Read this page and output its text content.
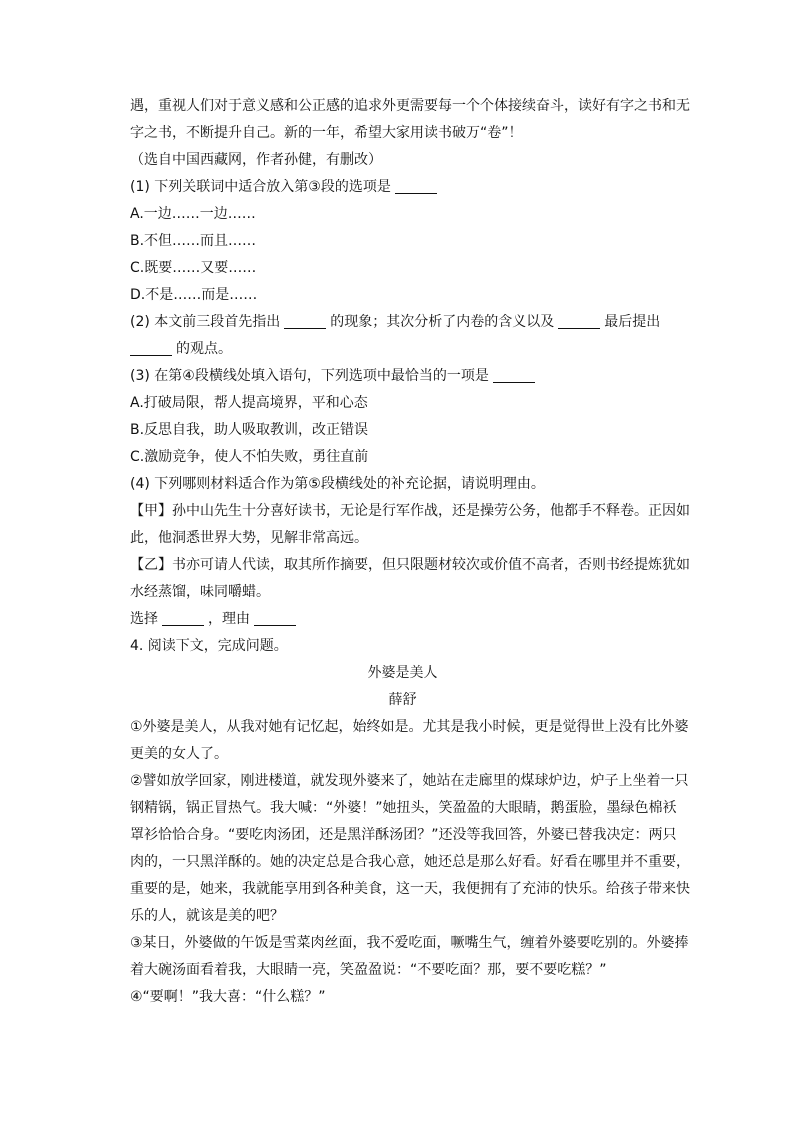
遇，重视人们对于意义感和公正感的追求外更需要每一个个体接续奋斗，读好有字之书和无
字之书，不断提升自己。新的一年，希望大家用读书破万“卷”！
（选自中国西藏网，作者孙健，有删改）
(1) 下列关联词中适合放入第③段的选项是
A.一边……一边……
B.不但……而且……
C.既要……又要……
D.不是……而是……
(2) 本文前三段首先指出	的现象；其次分析了内卷的含义以及	最后提出
的观点。
(3) 在第④段横线处填入语句，下列选项中最恰当的一项是
A.打破局限，帮人提高境界，平和心态
B.反思自我，助人吸取教训，改正错误
C.激励竞争，使人不怕失败，勇往直前
(4) 下列哪则材料适合作为第⑤段横线处的补充论据，请说明理由。
【甲】孙中山先生十分喜好读书，无论是行军作战，还是操劳公务，他都手不释卷。正因如
此，他洞悉世界大势，见解非常高远。
【乙】书亦可请人代读，取其所作摘要，但只限题材较次或价值不高者，否则书经提炼犹如
水经蒸馏，味同嚼蜡。
选择	，理由
4. 阅读下文，完成问题。
外婆是美人
薛舒
①外婆是美人，从我对她有记忆起，始终如是。尤其是我小时候，更是觉得世上没有比外婆
更美的女人了。
②譬如放学回家，刚进楼道，就发现外婆来了，她站在走廊里的煤球炉边，炉子上坐着一只
钢精锅，锅正冒热气。我大喊：“外婆！”她扭头，笑盈盈的大眼睛，鹅蛋脸，墨绿色棉袄
罩衫恰恰合身。“要吃肉汤团，还是黑洋酥汤团？”还没等我回答，外婆已替我决定：两只
肉的，一只黑洋酥的。她的决定总是合我心意，她还总是那么好看。好看在哪里并不重要，
重要的是，她来，我就能享用到各种美食，这一天，我便拥有了充沛的快乐。给孩子带来快
乐的人，就该是美的吧？
③某日，外婆做的午饭是雪菜肉丝面，我不爱吃面，噘嘴生气，缠着外婆要吃别的。外婆捧
着大碗汤面看着我，大眼睛一亮，笑盈盈说：“不要吃面？那，要不要吃糕？”
④“要啊！”我大喜：“什么糕？”
